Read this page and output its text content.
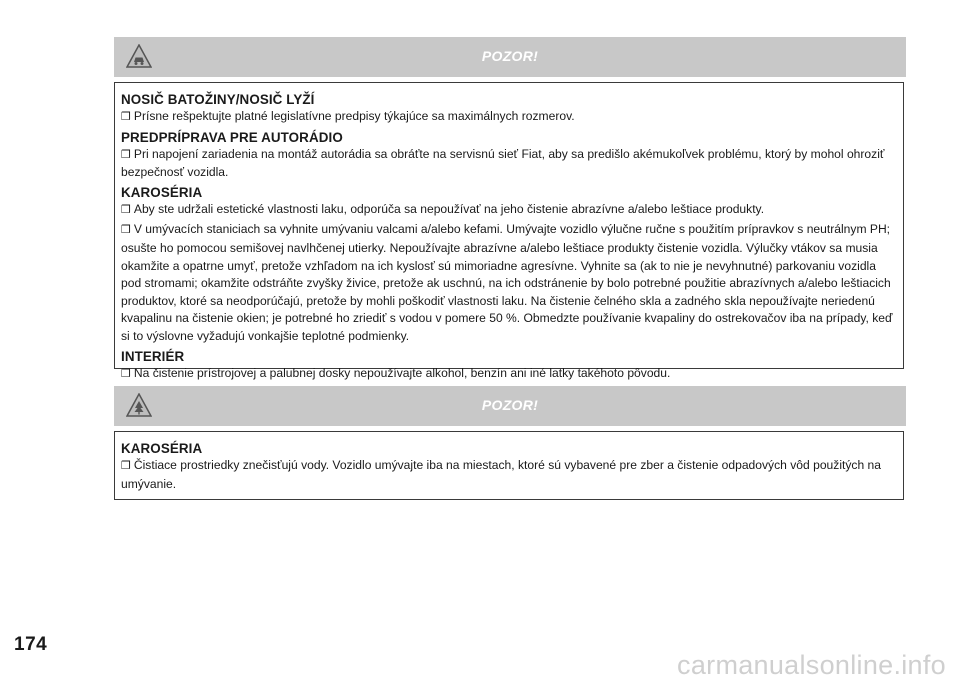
POZOR!
NOSIČ BATOŽINY/NOSIČ LYŽÍ

❒ Prísne rešpektujte platné legislatívne predpisy týkajúce sa maximálnych rozmerov.

PREDPRÍPRAVA PRE AUTORÁDIO

❒ Pri napojení zariadenia na montáž autorádia sa obráťte na servisnú sieť Fiat, aby sa predišlo akémukoľvek problému, ktorý by mohol ohroziť bezpečnosť vozidla.

KAROSÉRIA

❒ Aby ste udržali estetické vlastnosti laku, odporúča sa nepoužívať na jeho čistenie abrazívne a/alebo leštiace produkty.

❒ V umývacích staniciach sa vyhnite umývaniu valcami a/alebo kefami. Umývajte vozidlo výlučne ručne s použitím prípravkov s neutrálnym PH; osušte ho pomocou semišovej navlhčenej utierky. Nepoužívajte abrazívne a/alebo leštiace produkty čistenie vozidla. Výlučky vtákov sa musia okamžite a opatrne umyť, pretože vzhľadom na ich kyslosť sú mimoriadne agresívne. Vyhnite sa (ak to nie je nevyhnutné) parkovaniu vozidla pod stromami; okamžite odstráňte zvyšky živice, pretože ak uschnú, na ich odstránenie by bolo potrebné použitie abrazívnych a/alebo leštiacich produktov, ktoré sa neodporúčajú, pretože by mohli poškodiť vlastnosti laku. Na čistenie čelného skla a zadného skla nepoužívajte neriedenú kvapalinu na čistenie okien; je potrebné ho zriediť s vodou v pomere 50 %. Obmedzte používanie kvapaliny do ostrekovačov iba na prípady, keď si to výslovne vyžadujú vonkajšie teplotné podmienky.

INTERIÉR

❒ Na čistenie prístrojovej a palubnej dosky nepoužívajte alkohol, benzín ani iné latky takéhoto pôvodu.

POZOR!
KAROSÉRIA

❒ Čistiace prostriedky znečisťujú vody. Vozidlo umývajte iba na miestach, ktoré sú vybavené pre zber a čistenie odpadových vôd použitých na umývanie.

174
carmanualsonline.info
